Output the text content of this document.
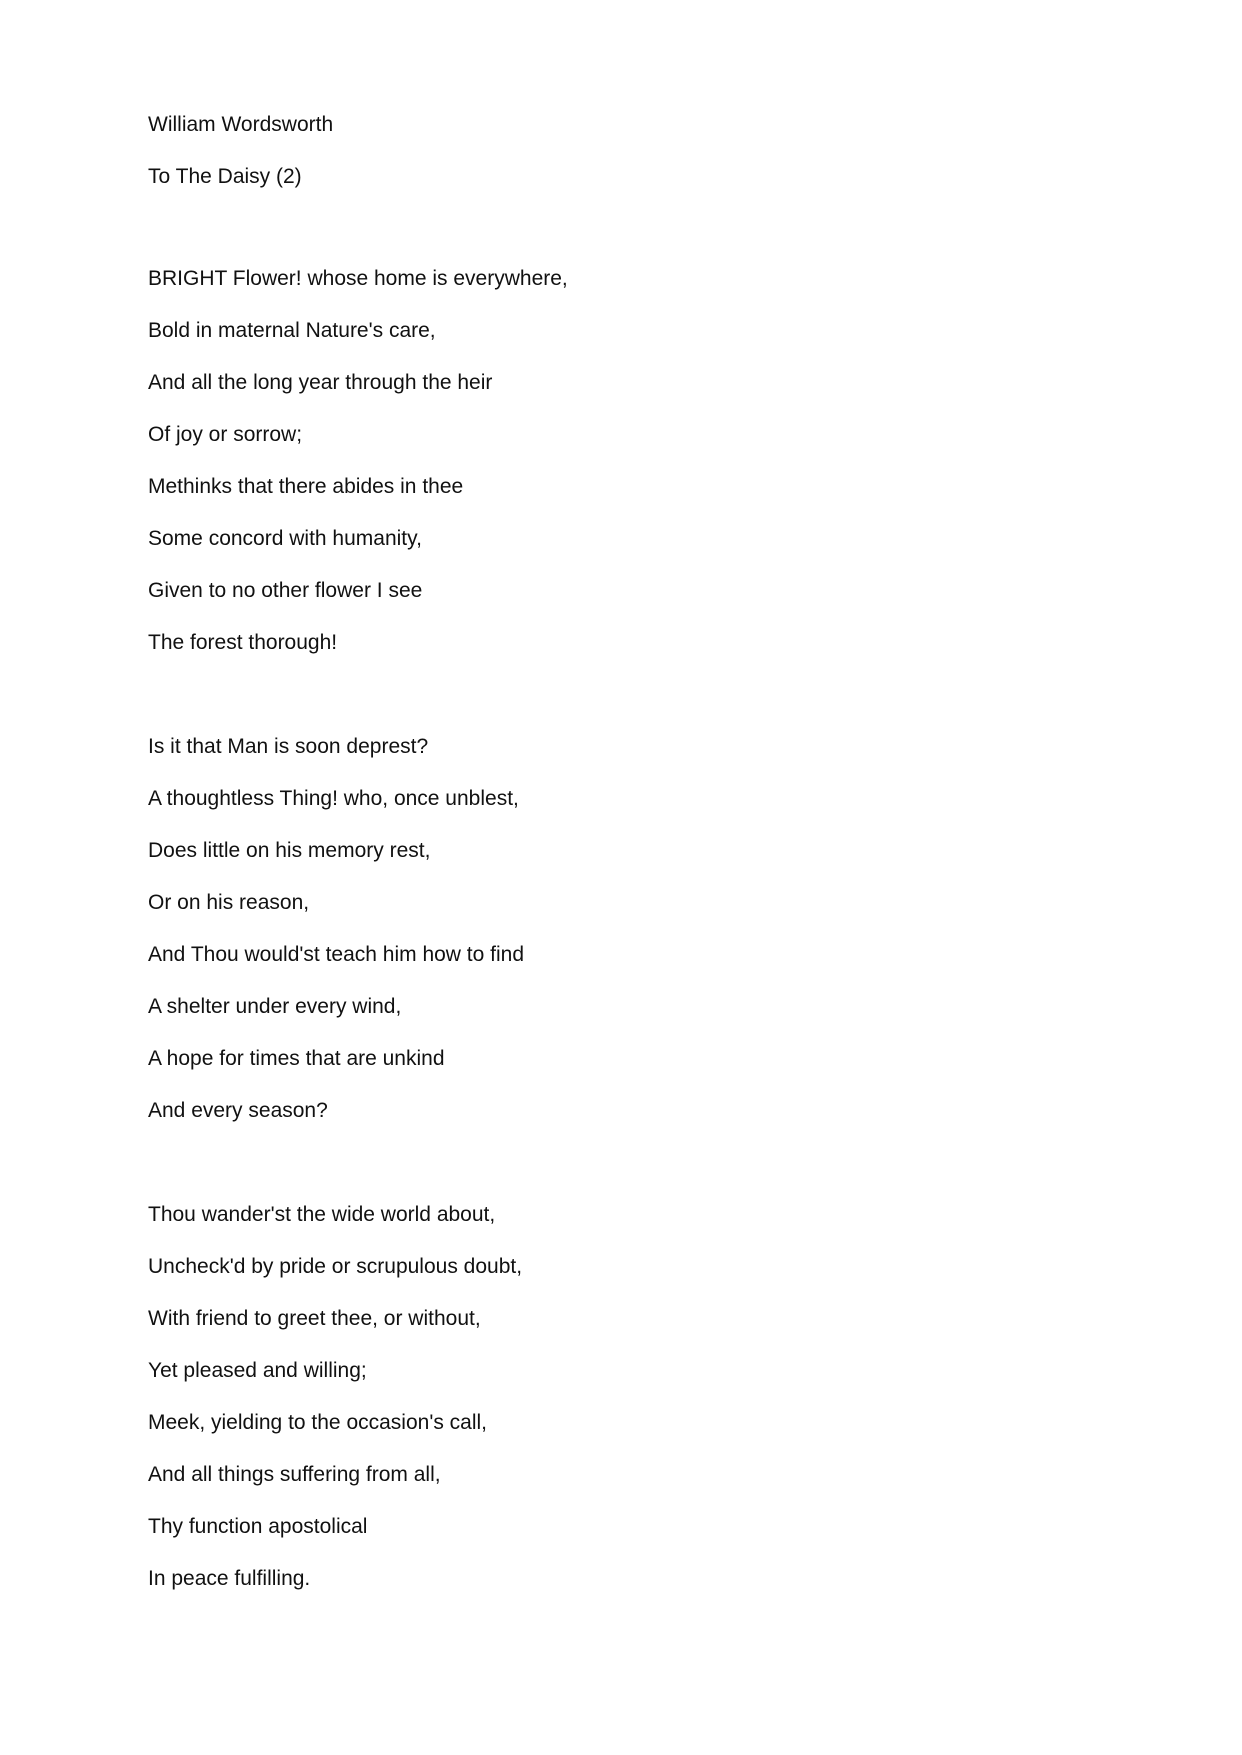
William Wordsworth
To The Daisy (2)
BRIGHT Flower! whose home is everywhere,
Bold in maternal Nature's care,
And all the long year through the heir
Of joy or sorrow;
Methinks that there abides in thee
Some concord with humanity,
Given to no other flower I see
The forest thorough!
Is it that Man is soon deprest?
A thoughtless Thing! who, once unblest,
Does little on his memory rest,
Or on his reason,
And Thou would'st teach him how to find
A shelter under every wind,
A hope for times that are unkind
And every season?
Thou wander'st the wide world about,
Uncheck'd by pride or scrupulous doubt,
With friend to greet thee, or without,
Yet pleased and willing;
Meek, yielding to the occasion's call,
And all things suffering from all,
Thy function apostolical
In peace fulfilling.
